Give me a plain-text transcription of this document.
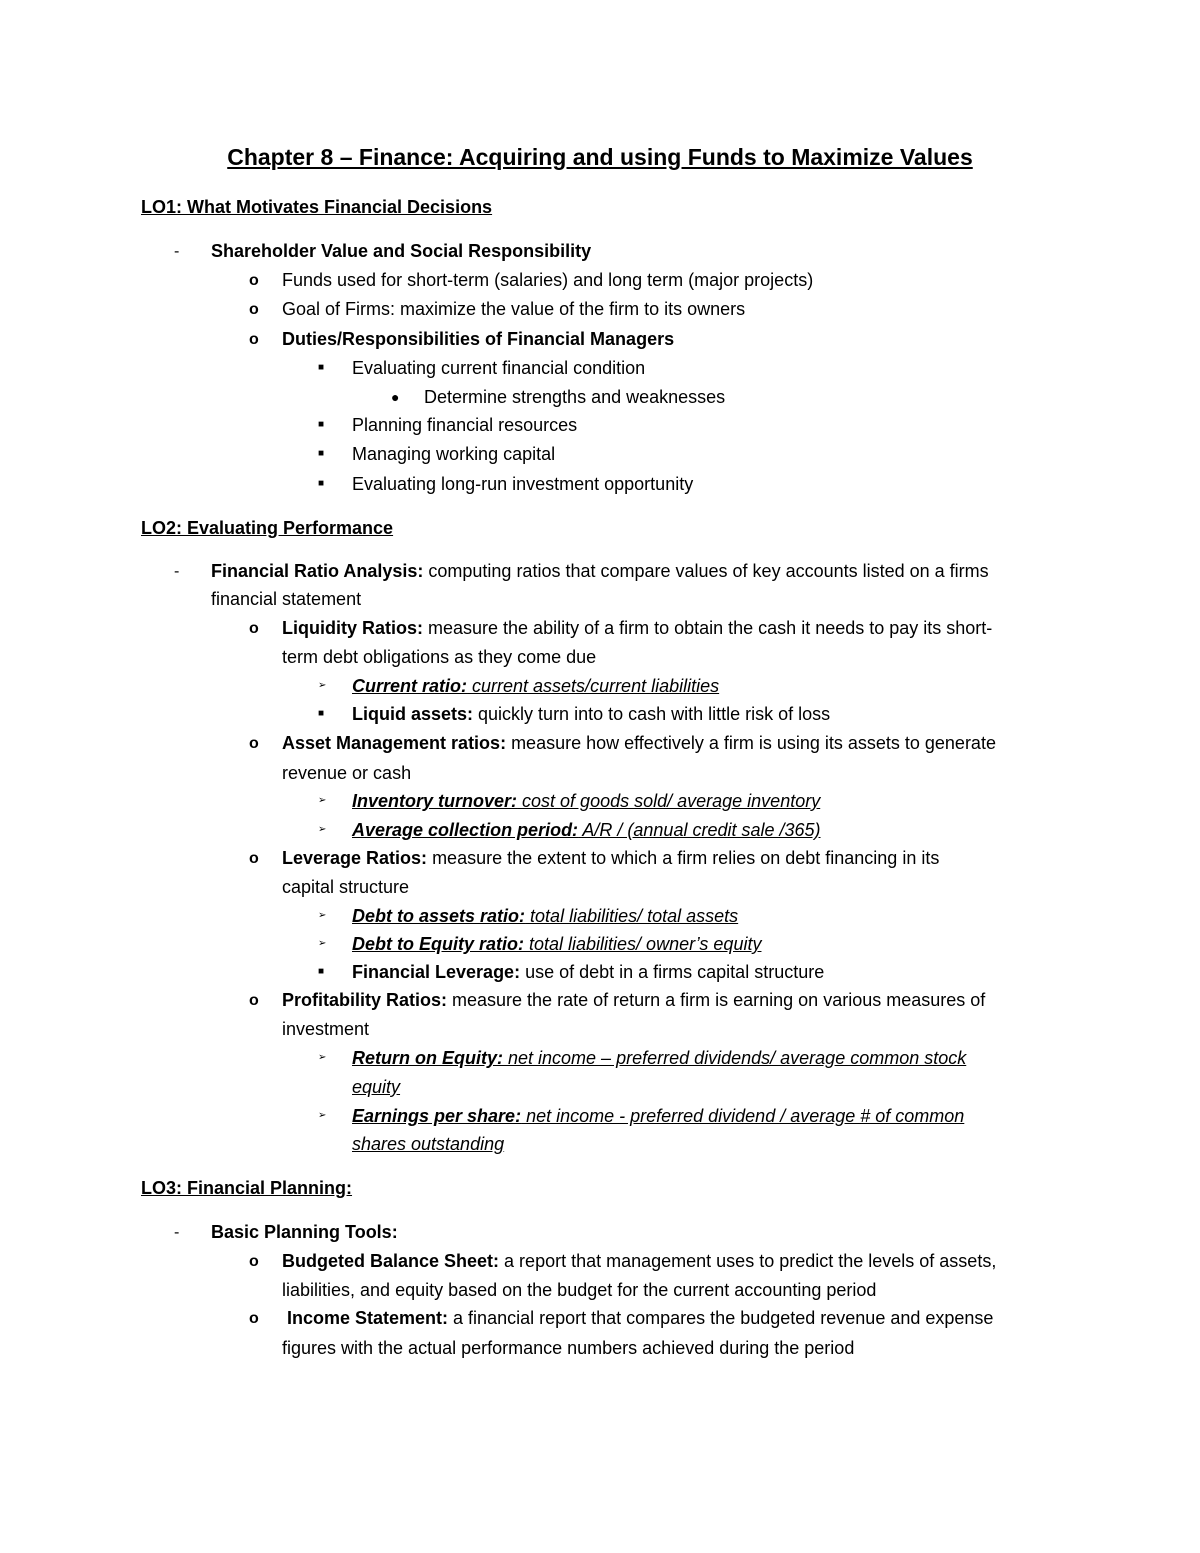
Chapter 8 – Finance: Acquiring and using Funds to Maximize Values
LO1: What Motivates Financial Decisions
- Shareholder Value and Social Responsibility
o Funds used for short-term (salaries) and long term (major projects)
o Goal of Firms: maximize the value of the firm to its owners
o Duties/Responsibilities of Financial Managers
■ Evaluating current financial condition
● Determine strengths and weaknesses
■ Planning financial resources
■ Managing working capital
■ Evaluating long-run investment opportunity
LO2: Evaluating Performance
- Financial Ratio Analysis: computing ratios that compare values of key accounts listed on a firms
financial statement
o Liquidity Ratios: measure the ability of a firm to obtain the cash it needs to pay its short-
term debt obligations as they come due
➢ Current ratio: current assets/current liabilities
■ Liquid assets: quickly turn into to cash with little risk of loss
o Asset Management ratios: measure how effectively a firm is using its assets to generate
revenue or cash
➢ Inventory turnover: cost of goods sold/ average inventory
➢ Average collection period: A/R / (annual credit sale /365)
o Leverage Ratios: measure the extent to which a firm relies on debt financing in its
capital structure
➢ Debt to assets ratio: total liabilities/ total assets
➢ Debt to Equity ratio: total liabilities/ owner’s equity
■ Financial Leverage: use of debt in a firms capital structure
o Profitability Ratios: measure the rate of return a firm is earning on various measures of
investment
➢ Return on Equity: net income – preferred dividends/ average common stock
equity
➢ Earnings per share: net income - preferred dividend / average # of common
shares outstanding
LO3: Financial Planning:
- Basic Planning Tools:
o Budgeted Balance Sheet: a report that management uses to predict the levels of assets,
liabilities, and equity based on the budget for the current accounting period
o Income Statement: a financial report that compares the budgeted revenue and expense
figures with the actual performance numbers achieved during the period
